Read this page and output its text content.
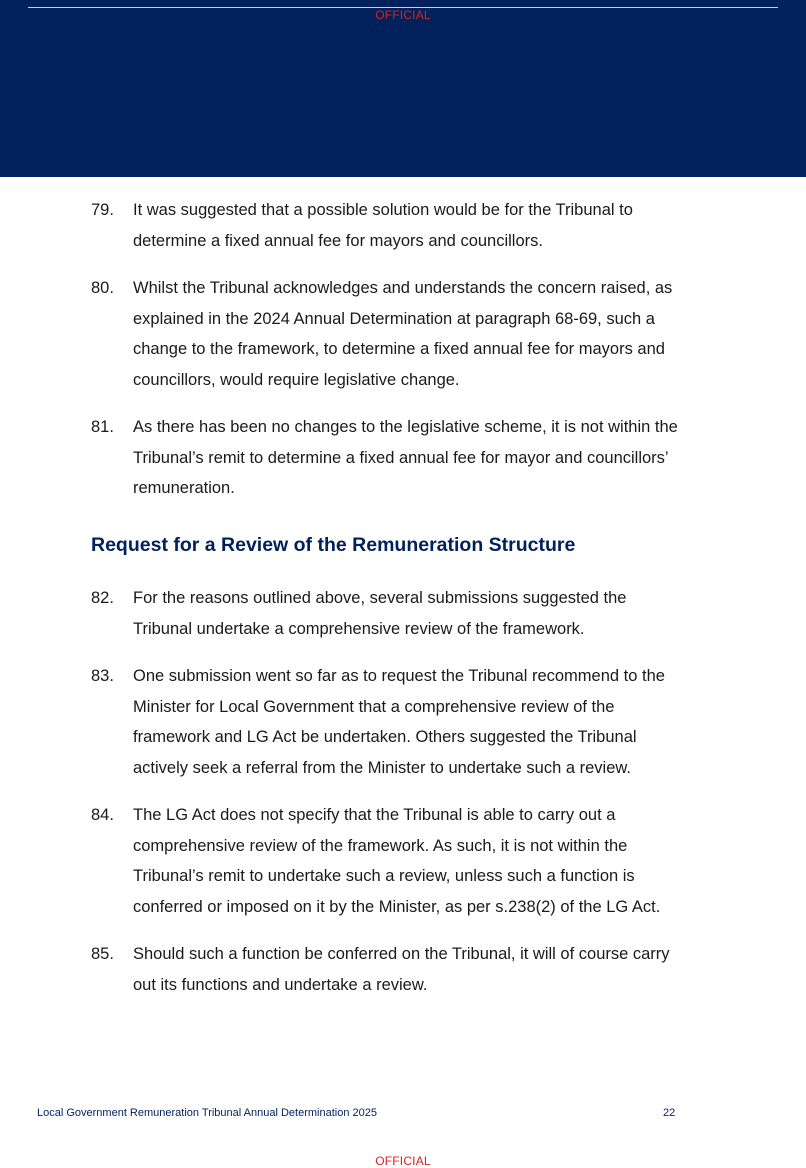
OFFICIAL
79.	It was suggested that a possible solution would be for the Tribunal to
determine a fixed annual fee for mayors and councillors.
80.	Whilst the Tribunal acknowledges and understands the concern raised, as
explained in the 2024 Annual Determination at paragraph 68-69, such a
change to the framework, to determine a fixed annual fee for mayors and
councillors, would require legislative change.
81.	As there has been no changes to the legislative scheme, it is not within the
Tribunal’s remit to determine a fixed annual fee for mayor and councillors’
remuneration.
Request for a Review of the Remuneration Structure
82.	For the reasons outlined above, several submissions suggested the
Tribunal undertake a comprehensive review of the framework.
83.	One submission went so far as to request the Tribunal recommend to the
Minister for Local Government that a comprehensive review of the
framework and LG Act be undertaken. Others suggested the Tribunal
actively seek a referral from the Minister to undertake such a review.
84.	The LG Act does not specify that the Tribunal is able to carry out a
comprehensive review of the framework. As such, it is not within the
Tribunal’s remit to undertake such a review, unless such a function is
conferred or imposed on it by the Minister, as per s.238(2) of the LG Act.
85.	Should such a function be conferred on the Tribunal, it will of course carry
out its functions and undertake a review.
Local Government Remuneration Tribunal Annual Determination 2025	22
OFFICIAL
